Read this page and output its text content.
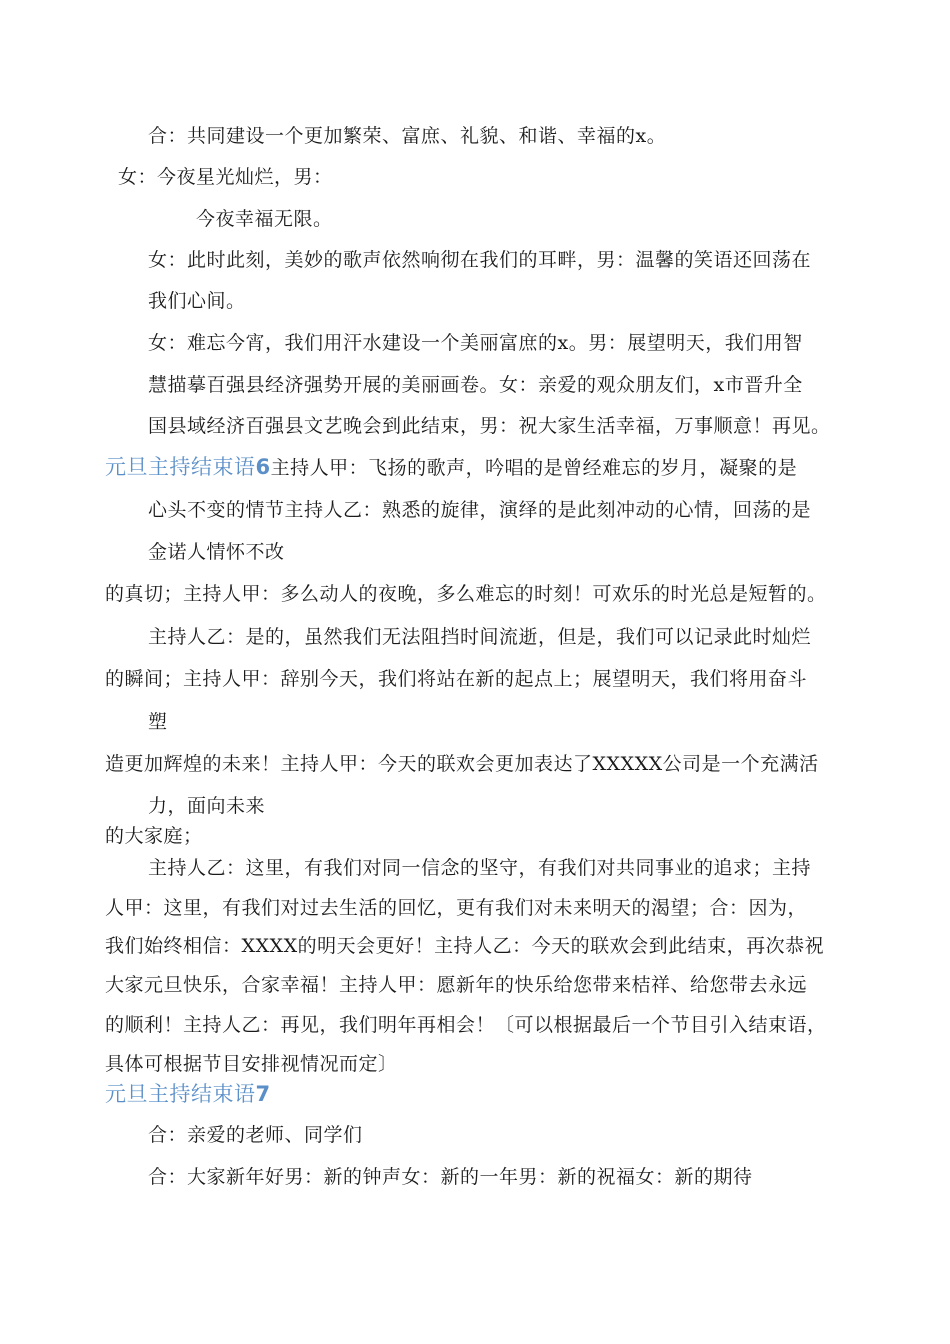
合：共同建设一个更加繁荣、富庶、礼貌、和谐、幸福的x。
女：今夜星光灿烂，男：
今夜幸福无限。
女：此时此刻，美妙的歌声依然响彻在我们的耳畔，男：温馨的笑语还回荡在
我们心间。
女：难忘今宵，我们用汗水建设一个美丽富庶的x。男：展望明天，我们用智
慧描摹百强县经济强势开展的美丽画卷。女：亲爱的观众朋友们，x市晋升全
国县域经济百强县文艺晚会到此结束，男：祝大家生活幸福，万事顺意！再见。
元旦主持结束语6主持人甲：飞扬的歌声，吟唱的是曾经难忘的岁月，凝聚的是
心头不变的情节主持人乙：熟悉的旋律，演绎的是此刻冲动的心情，回荡的是
金诺人情怀不改
的真切；主持人甲：多么动人的夜晚，多么难忘的时刻！可欢乐的时光总是短暂的。
主持人乙：是的，虽然我们无法阻挡时间流逝，但是，我们可以记录此时灿烂
的瞬间；主持人甲：辞别今天，我们将站在新的起点上；展望明天，我们将用奋斗
塑
造更加辉煌的未来！主持人甲：今天的联欢会更加表达了XXXXX公司是一个充满活
力，面向未来
的大家庭；
主持人乙：这里，有我们对同一信念的坚守，有我们对共同事业的追求；主持
人甲：这里，有我们对过去生活的回忆，更有我们对未来明天的渴望；合：因为，
我们始终相信：XXXX的明天会更好！主持人乙：今天的联欢会到此结束，再次恭祝
大家元旦快乐，合家幸福！主持人甲：愿新年的快乐给您带来桔祥、给您带去永远
的顺利！主持人乙：再见，我们明年再相会！〔可以根据最后一个节目引入结束语，
具体可根据节目安排视情况而定〕
元旦主持结束语7
合：亲爱的老师、同学们
合：大家新年好男：新的钟声女：新的一年男：新的祝福女：新的期待
